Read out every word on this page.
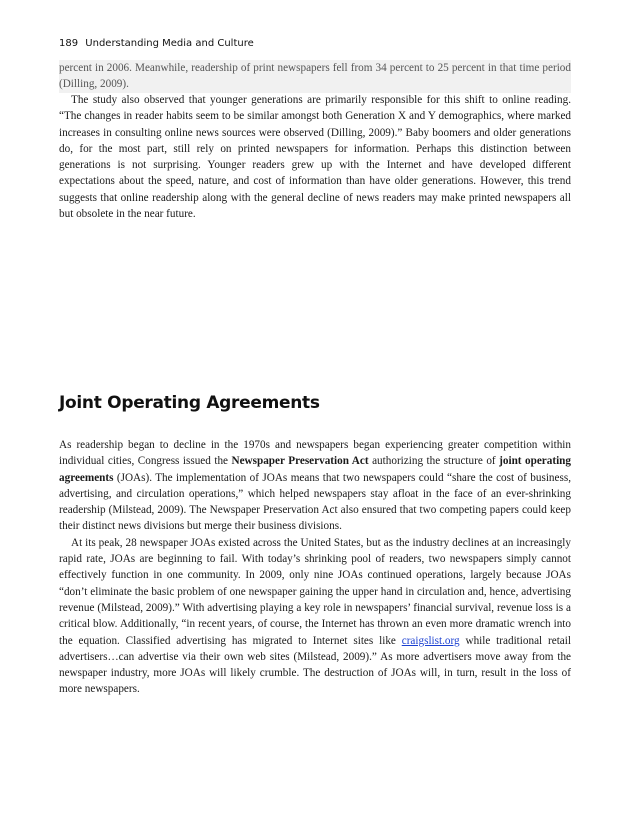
189 Understanding Media and Culture

percent in 2006. Meanwhile, readership of print newspapers fell from 34 percent to 25 percent in that time period (Dilling, 2009).

The study also observed that younger generations are primarily responsible for this shift to online reading. “The changes in reader habits seem to be similar amongst both Generation X and Y demographics, where marked increases in consulting online news sources were observed (Dilling, 2009).” Baby boomers and older generations do, for the most part, still rely on printed newspapers for information. Perhaps this distinction between generations is not surprising. Younger readers grew up with the Internet and have developed different expectations about the speed, nature, and cost of information than have older generations. However, this trend suggests that online readership along with the general decline of news readers may make printed newspapers all but obsolete in the near future.

Joint Operating Agreements

As readership began to decline in the 1970s and newspapers began experiencing greater competition within individual cities, Congress issued the Newspaper Preservation Act authorizing the structure of joint operating agreements (JOAs). The implementation of JOAs means that two newspapers could “share the cost of business, advertising, and circulation operations,” which helped newspapers stay afloat in the face of an ever-shrinking readership (Milstead, 2009). The Newspaper Preservation Act also ensured that two competing papers could keep their distinct news divisions but merge their business divisions.

At its peak, 28 newspaper JOAs existed across the United States, but as the industry declines at an increasingly rapid rate, JOAs are beginning to fail. With today’s shrinking pool of readers, two newspapers simply cannot effectively function in one community. In 2009, only nine JOAs continued operations, largely because JOAs “don’t eliminate the basic problem of one newspaper gaining the upper hand in circulation and, hence, advertising revenue (Milstead, 2009).” With advertising playing a key role in newspapers’ financial survival, revenue loss is a critical blow. Additionally, “in recent years, of course, the Internet has thrown an even more dramatic wrench into the equation. Classified advertising has migrated to Internet sites like craigslist.org while traditional retail advertisers…can advertise via their own web sites (Milstead, 2009).” As more advertisers move away from the newspaper industry, more JOAs will likely crumble. The destruction of JOAs will, in turn, result in the loss of more newspapers.
